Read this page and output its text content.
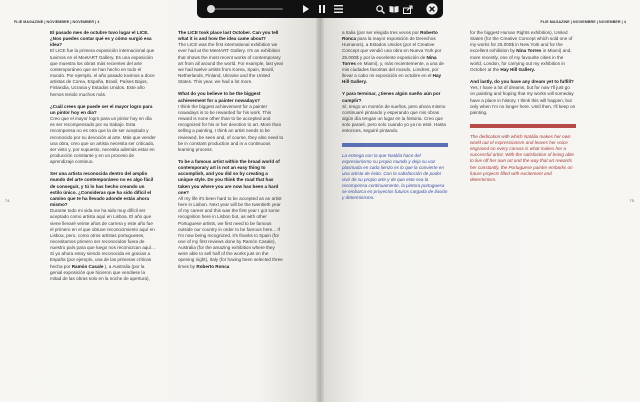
FLIE MAGAZINE | NOVIEMBRE | NOVEMBER | 4
74

El pasado mes de octubre tuvo lugar el LICE. ¿Nos puedes contar qué es y cómo surgió esa idea?

El LICE fue la primera exposición internacional que tuvimos en el MeetART Gallery. Es una exposición que muestra los obras más recientes del arte contemporáneo que se han hecho en todo el mundo. Por ejemplo, el año pasado tuvimos a doce artistas de Corea, España, Brasil, Países Bajos, Finlandia, Ucrania y Estados Unidos. Este año hemos tenido muchos más.

¿Cuál crees que puede ser el mayor logro para un pintor hoy en día?

Creo que el mayor logro para un pintor hoy en día es ser recompensado por su trabajo. Esta recompensa no es otra que la de ser aceptado y reconocido por su devoción al arte. Más que vender una obra, creo que un artista necesita ser criticado, ser visto y, por supuesto, necesita además estar en producción constante y en un proceso de aprendizaje continuo.

Ser una artista reconocida dentro del amplio mundo del arte contemporáneo no es algo fácil de conseguir, y tú lo has hecho creando un estilo único. ¿Consideras que ha sido difícil el camino que te ha llevado adonde estás ahora mismo?

Durante todo mi vida me ha sido muy difícil ser aceptado como artista aquí en Lisboa. El año que viene llevaré veinte años de carrera y este año fue el primero en el que obtuve reconocimiento aquí en Lisboa, pero, como otros artistas portugueses, necesitamos primero ser reconocidos fuera de nuestro país para que luego nos reconozcan aquí... Si yo ahora estoy siendo reconocida es gracias a España (por ejemplo, una de las primeras críticas hecha por Ramón Casale ), a Australia (por la genial exposición que hicieron que vendiese la mitad de las obras solo en la noche de apertura),

The LICE took place last October. Can you tell what it is and how the idea came about?

The LICE was the first international exhibition we ever had at the MeetART Gallery. It's an exhibition that shows the most recent works of contemporary art from all around the world. For example, last year we had twelve artists from Korea, Spain, Brazil, Netherlands, Finland, Ukraine and the United States. This year, we had a lot more.

What do you believe to be the biggest achievement for a painter nowadays?

I think the biggest achievement for a painter nowadays is to be rewarded for his work. This reward is none other than to be accepted and recognized for his or her devotion to art. More than selling a painting, I think an artist needs to be reviewed, be seen and, of course, they also need to be in constant production and in a continuous learning process.

To be a famous artist within the broad world of contemporary art is not an easy thing to accomplish, and you did so by creating a unique style. Do you think the road that has taken you where you are now has been a hard one?

All my life it's been hard to be accepted as an artist here in Lisbon. Next year will be the twentieth year of my career and this was the first year I got some recognition here in Lisbon but, as with other Portuguese artists, we first need to be famous outside our country in order to be famous here... If I'm now being recognized, it's thanks to Spain (for one of my first reviews done by Ramón Casale), Australia (for the amazing exhibition where they were able to sell half of the works just on the opening night), Italy (for having been selected three times by Roberto Ronca

FLIE MAGAZINE | NOVIEMBRE | NOVEMBER | 4
75

a Italia (por ser elegida tres veces por Roberto Ronca para la mayor exposición de Derechos Humanos), a Estados Unidos (por el Creative Concept que vendió una obra en Nueva York por 25.000$ y por la excelente exposición de Nina Torres en Miami), y, más recientemente, a una de mis ciudades favoritas del mundo, Londres, por llevar a cabo mi exposición en octubre en el Hay Hill Gallery.

Y para terminar, ¿tienes algún sueño aún por cumplir?

Sí, tengo un montón de sueños, pero ahora mismo continuaré pintando y esperando que mis obras algún día tengan un lugar en la historia. Creo que solo pararé, pero solo cuando yo ya no esté. Hasta entonces, seguiré pintando.

La entrega con la que Natália hace del expresionismo su propio mundo y deja su voz plasmada en cada lienzo es lo que la convierte en una artista de éxito. Con la satisfacción de poder vivir de su propio arte y de que este sea la recompensa continuamente, la pintora portuguesa se embarca en proyectos futuros cargada de ilusión y determinismo.

for the biggest Human Rights exhibition), United States (for the Creative Concept which sold one of my works for 25.000$ in New York and for the excellent exhibition by Nina Torres in Miami) and, more recently, one of my favourite cities in the world, London, for carrying out my exhibition in October at the Hay Hill Gallery.

And lastly, do you have any dream yet to fulfill?

Yes, I have a lot of dreams, but for now I'll just go on painting and hoping that my works will someday have a place in history. I think this will happen, but only when I'm no longer here. Until then, I'll keep on painting.

The dedication with which Natália makes her own world out of expressionism and leaves her voice engraved on every canvas is what makes her a successful artist. With the satisfaction of being able to live off her own art and the way that art rewards her constantly, the Portuguese painter embarks on future projects filled with excitement and determinism.
